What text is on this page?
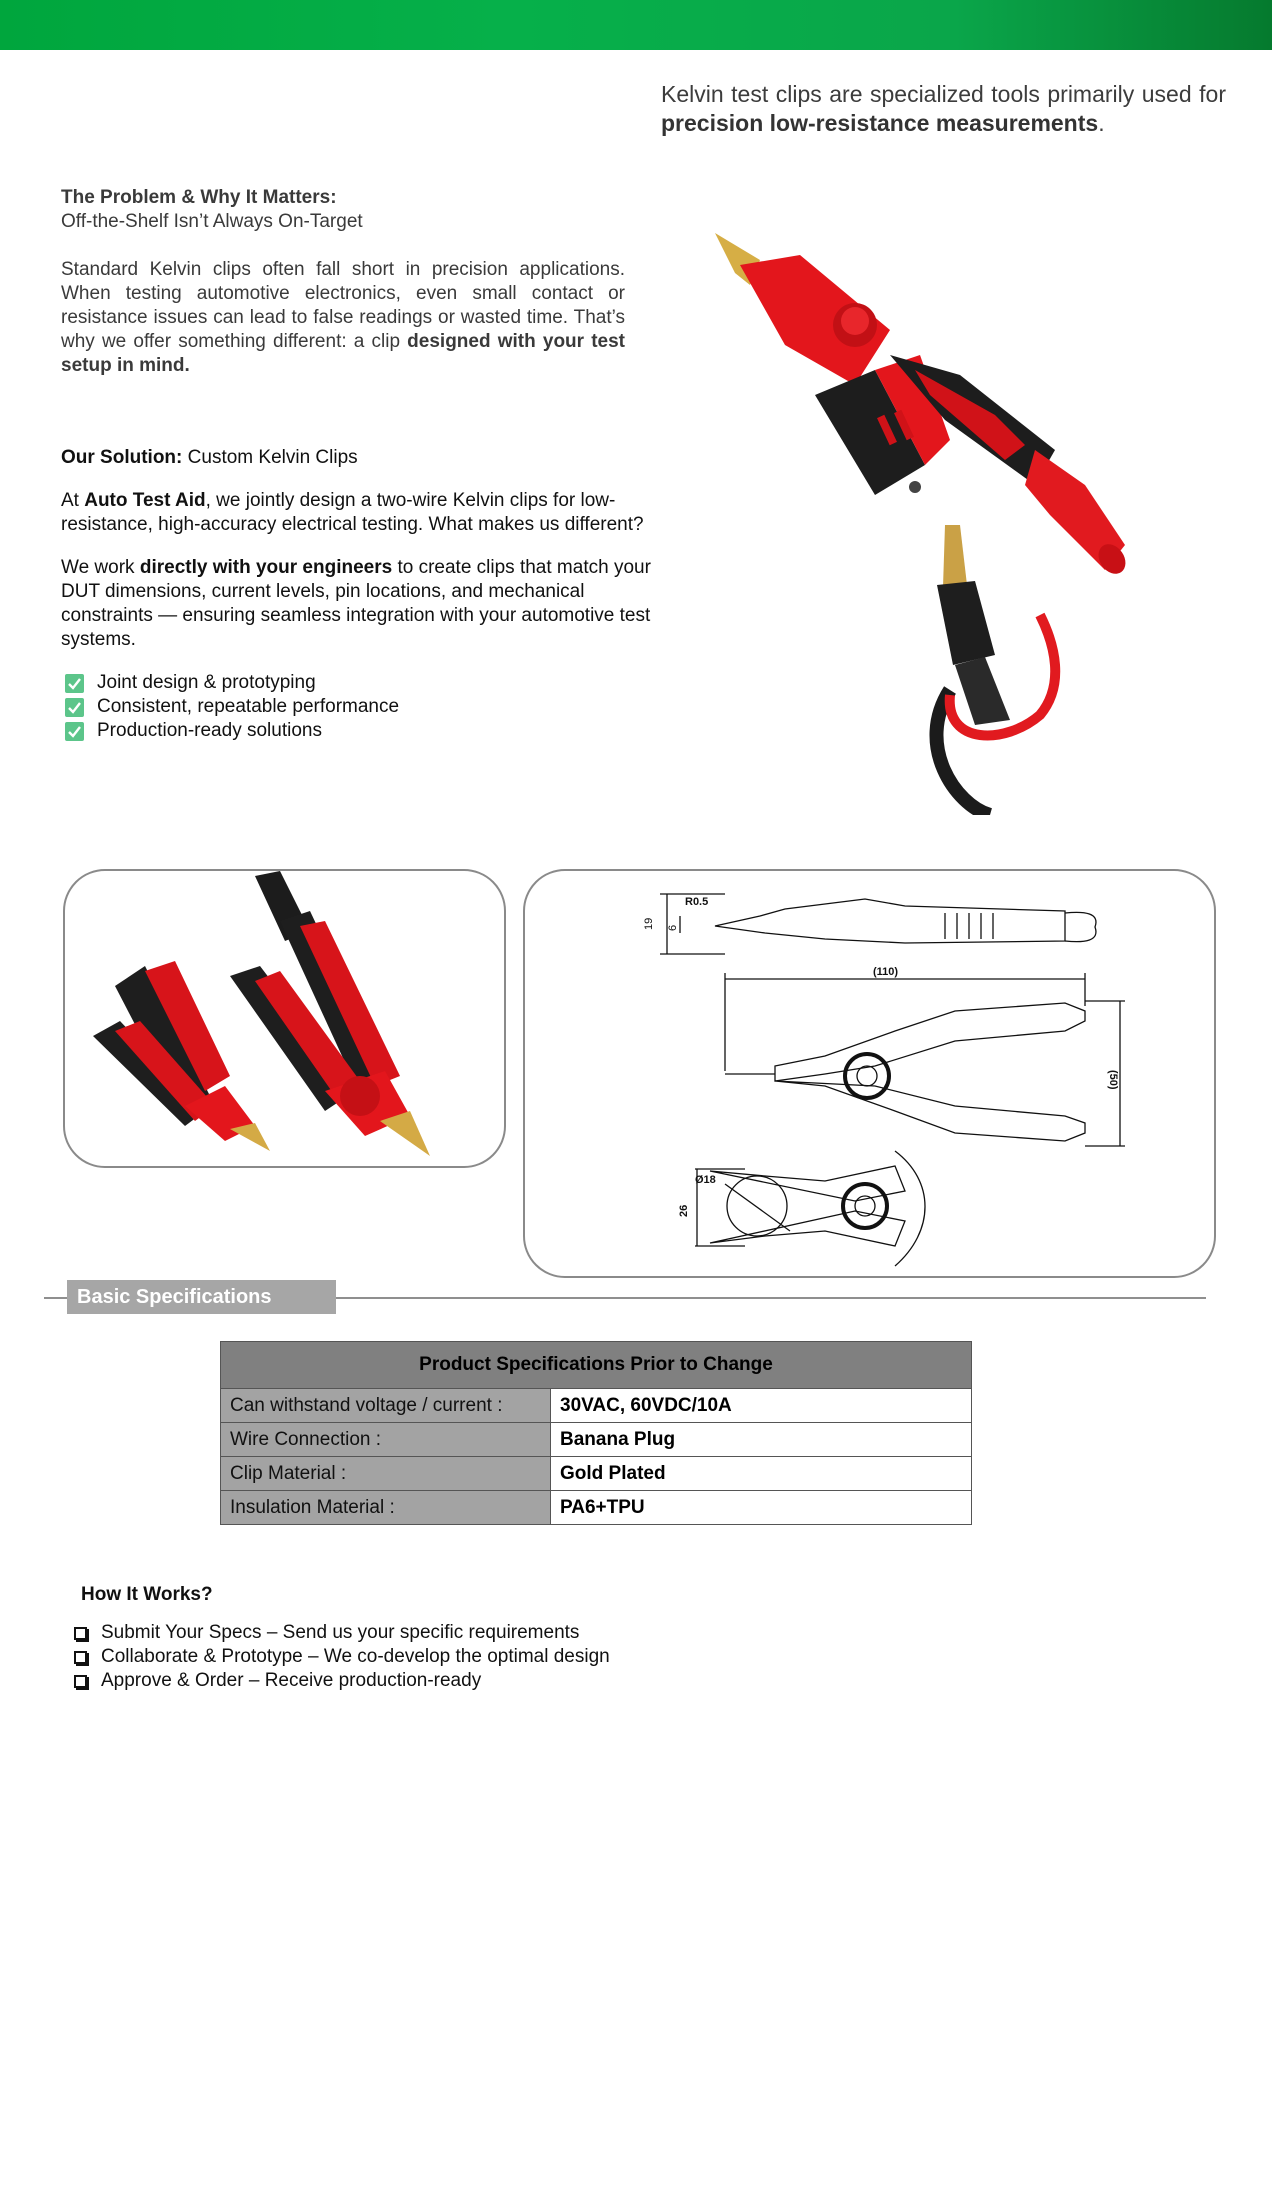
Kelvin test clips are specialized tools primarily used for precision low-resistance measurements.
The Problem & Why It Matters:
Off-the-Shelf Isn’t Always On-Target
Standard Kelvin clips often fall short in precision applications. When testing automotive electronics, even small contact or resistance issues can lead to false readings or wasted time. That’s why we offer something different: a clip designed with your test setup in mind.
Our Solution: Custom Kelvin Clips
At Auto Test Aid, we jointly design a two-wire Kelvin clips for low-resistance, high-accuracy electrical testing. What makes us different?
We work directly with your engineers to create clips that match your DUT dimensions, current levels, pin locations, and mechanical constraints — ensuring seamless integration with your automotive test systems.
Joint design & prototyping
Consistent, repeatable performance
Production-ready solutions
19 6
R0.5
(110)
(50)
Ø18
26
Basic Specifications
Product Specifications Prior to Change	
Can withstand voltage / current :	30VAC, 60VDC/10A
Wire Connection :	Banana Plug
Clip Material :	Gold Plated
Insulation Material :	PA6+TPU
How It Works?
Submit Your Specs – Send us your specific requirements
Collaborate & Prototype – We co-develop the optimal design
Approve & Order – Receive production-ready
